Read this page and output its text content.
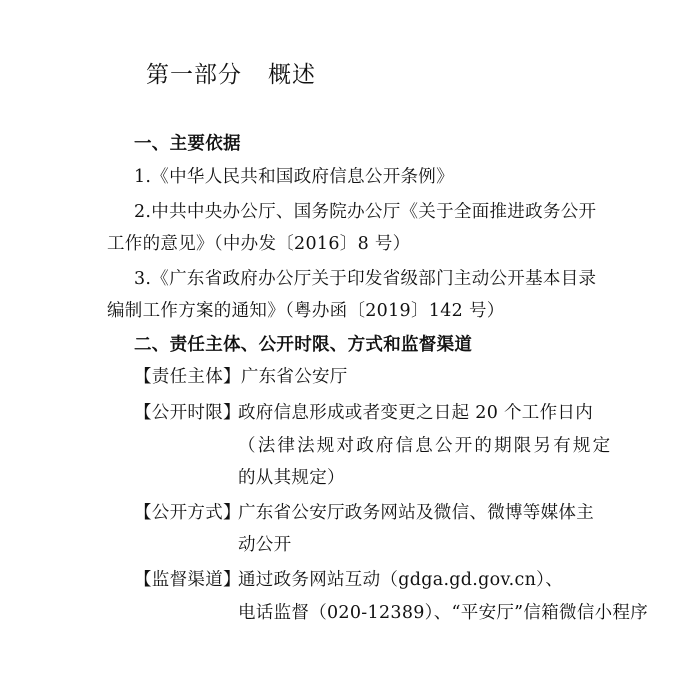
第一部分 概述
一、主要依据
1.《中华人民共和国政府信息公开条例》
2.中共中央办公厅、国务院办公厅《关于全面推进政务公开
工作的意见》（中办发〔2016〕8 号）
3.《广东省政府办公厅关于印发省级部门主动公开基本目录
编制工作方案的通知》（粤办函〔2019〕142 号）
二、责任主体、公开时限、方式和监督渠道
【责任主体】广东省公安厅
【公开时限】政府信息形成或者变更之日起 20 个工作日内
（法律法规对政府信息公开的期限另有规定
的从其规定）
【公开方式】广东省公安厅政务网站及微信、微博等媒体主
动公开
【监督渠道】通过政务网站互动（gdga.gd.gov.cn）、
电话监督（020-12389）、“平安厅”信箱微信小程序
